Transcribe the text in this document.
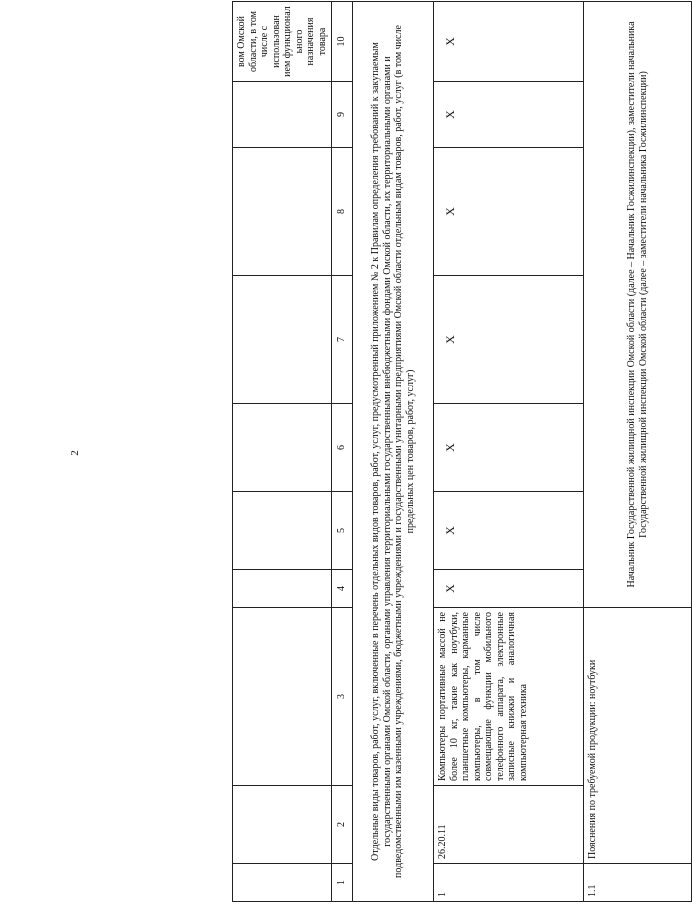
2
									вом Омской области, в том числе с использован ием функционал ьного назначения товара
1	2	3	4	5	6	7	8	9	10
Отдельные виды товаров, работ, услуг, включенные в перечень отдельных видов товаров, работ, услуг, предусмотренный приложением № 2 к Правилам определения требований к закупаемым государственными органами Омской области, органами управления территориальными государственными внебюджетными фондами Омской области, их территориальными органами и подведомственными им казенными учреждениями, бюджетными учреждениями и государственными унитарными предприятиями Омской области отдельным видам товаров, работ, услуг (в том числе предельных цен товаров, работ, услуг)									
1	26.20.11	Компьютеры портативные массой не более 10 кг, такие как ноутбуки, планшетные компьютеры, карманные компьютеры, в том числе совмещающие функции мобильного телефонного аппарата, электронные записные книжки и аналогичная компьютерная техника	X	X	X	X	X	X	X
1.1	Пояснения по требуемой продукции: ноутбуки		Начальник Государственной жилищной инспекции Омской области (далее – Начальник Госжилинспекции), заместители начальника Государственной жилищной инспекции Омской области (далее – заместители начальника Госжилинспекции)						
